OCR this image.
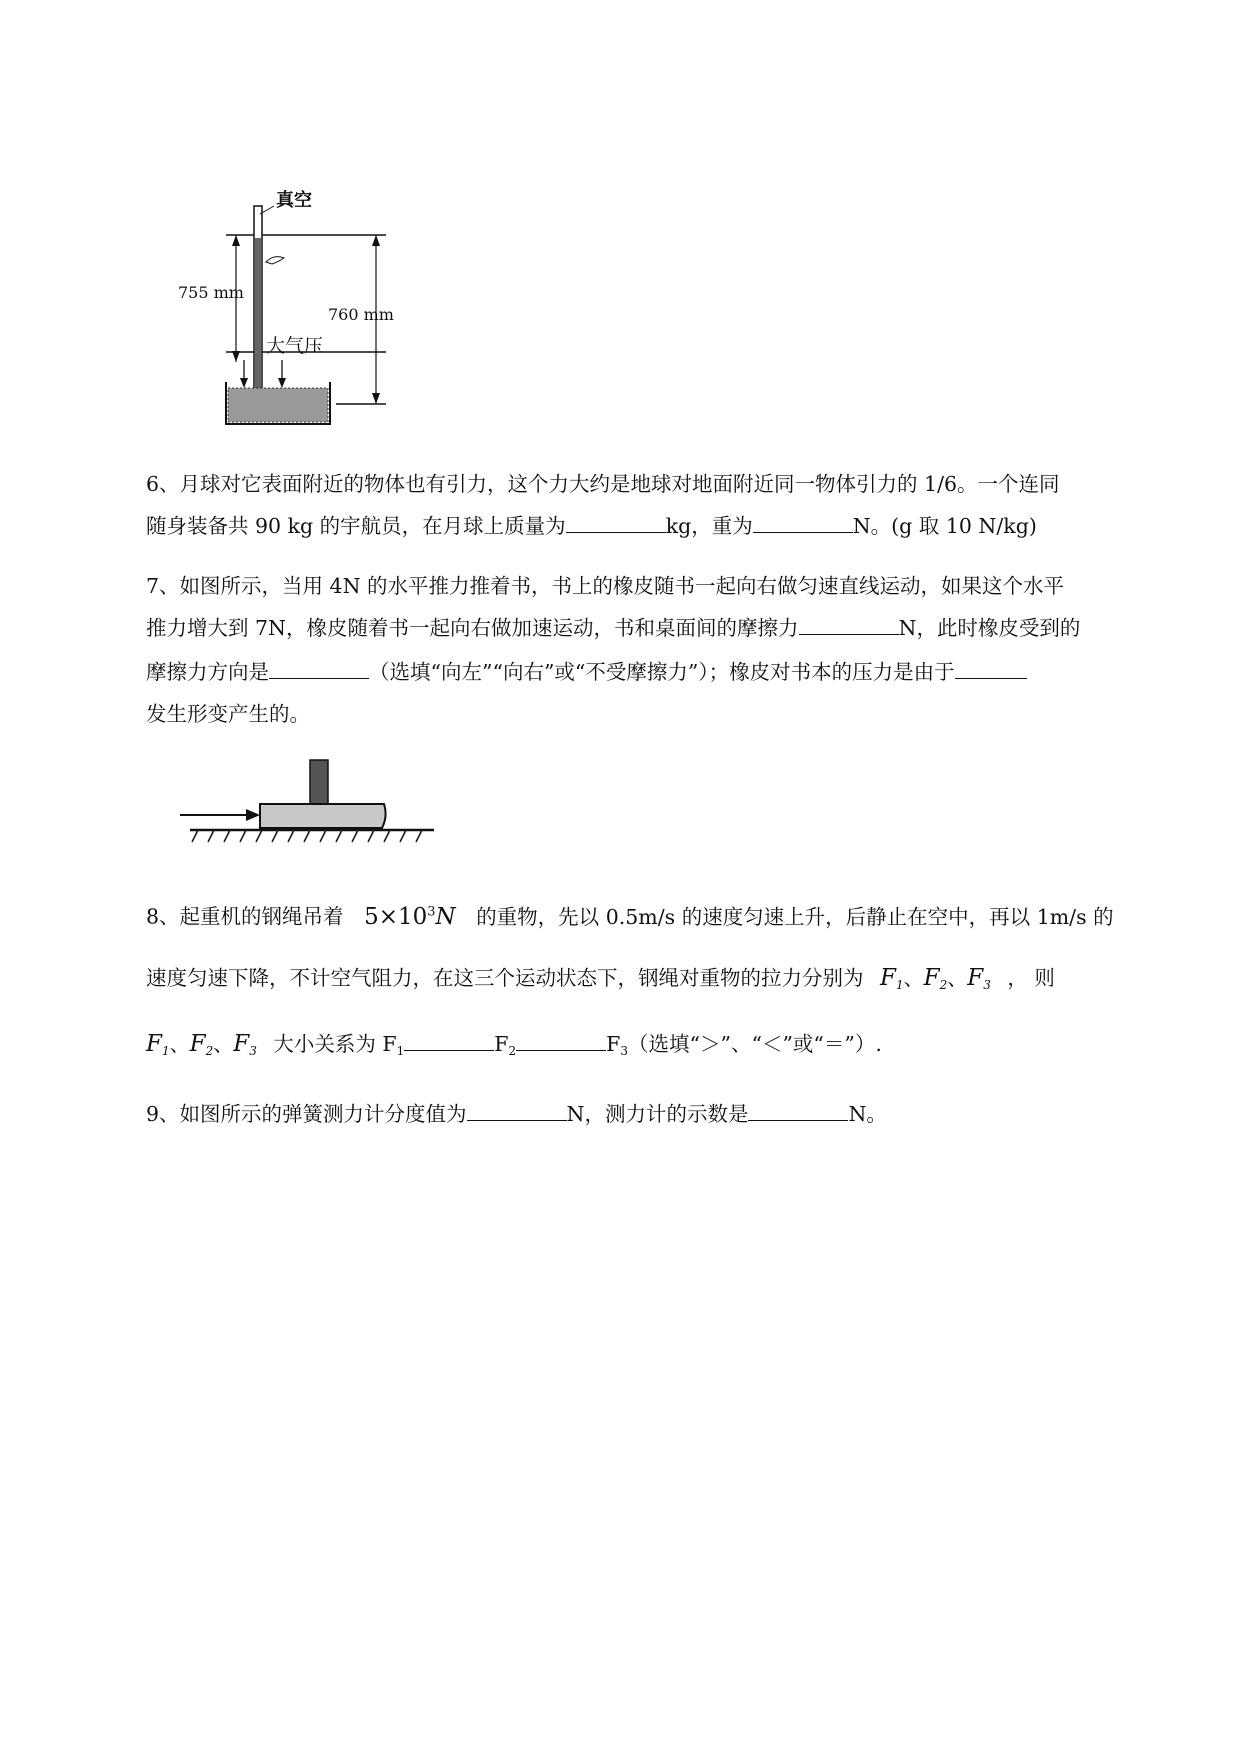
真空
755 mm
760 mm
大气压
6、月球对它表面附近的物体也有引力，这个力大约是地球对地面附近同一物体引力的 1/6。一个连同
随身装备共 90 kg 的宇航员，在月球上质量为	kg，重为	N。(g 取 10 N/kg)
7、如图所示，当用 4N 的水平推力推着书，书上的橡皮随书一起向右做匀速直线运动，如果这个水平
推力增大到 7N，橡皮随着书一起向右做加速运动，书和桌面间的摩擦力	N，此时橡皮受到的
摩擦力方向是	（选填“向左”“向右”或“不受摩擦力”）；橡皮对书本的压力是由于
发生形变产生的。
8、起重机的钢绳吊着 $5\times 10^3N$ 的重物，先以 0.5m/s 的速度匀速上升，后静止在空中，再以 1m/s 的
速度匀速下降，不计空气阻力，在这三个运动状态下，钢绳对重物的拉力分别为 $F_1$、$F_2$、$F_3$ ， 则
$F_1$、$F_2$、$F_3$ 大小关系为 $F_1$	$F_2$	$F_3$（选填“＞”、“＜”或“＝”）.
9、如图所示的弹簧测力计分度值为	N，测力计的示数是	N。
